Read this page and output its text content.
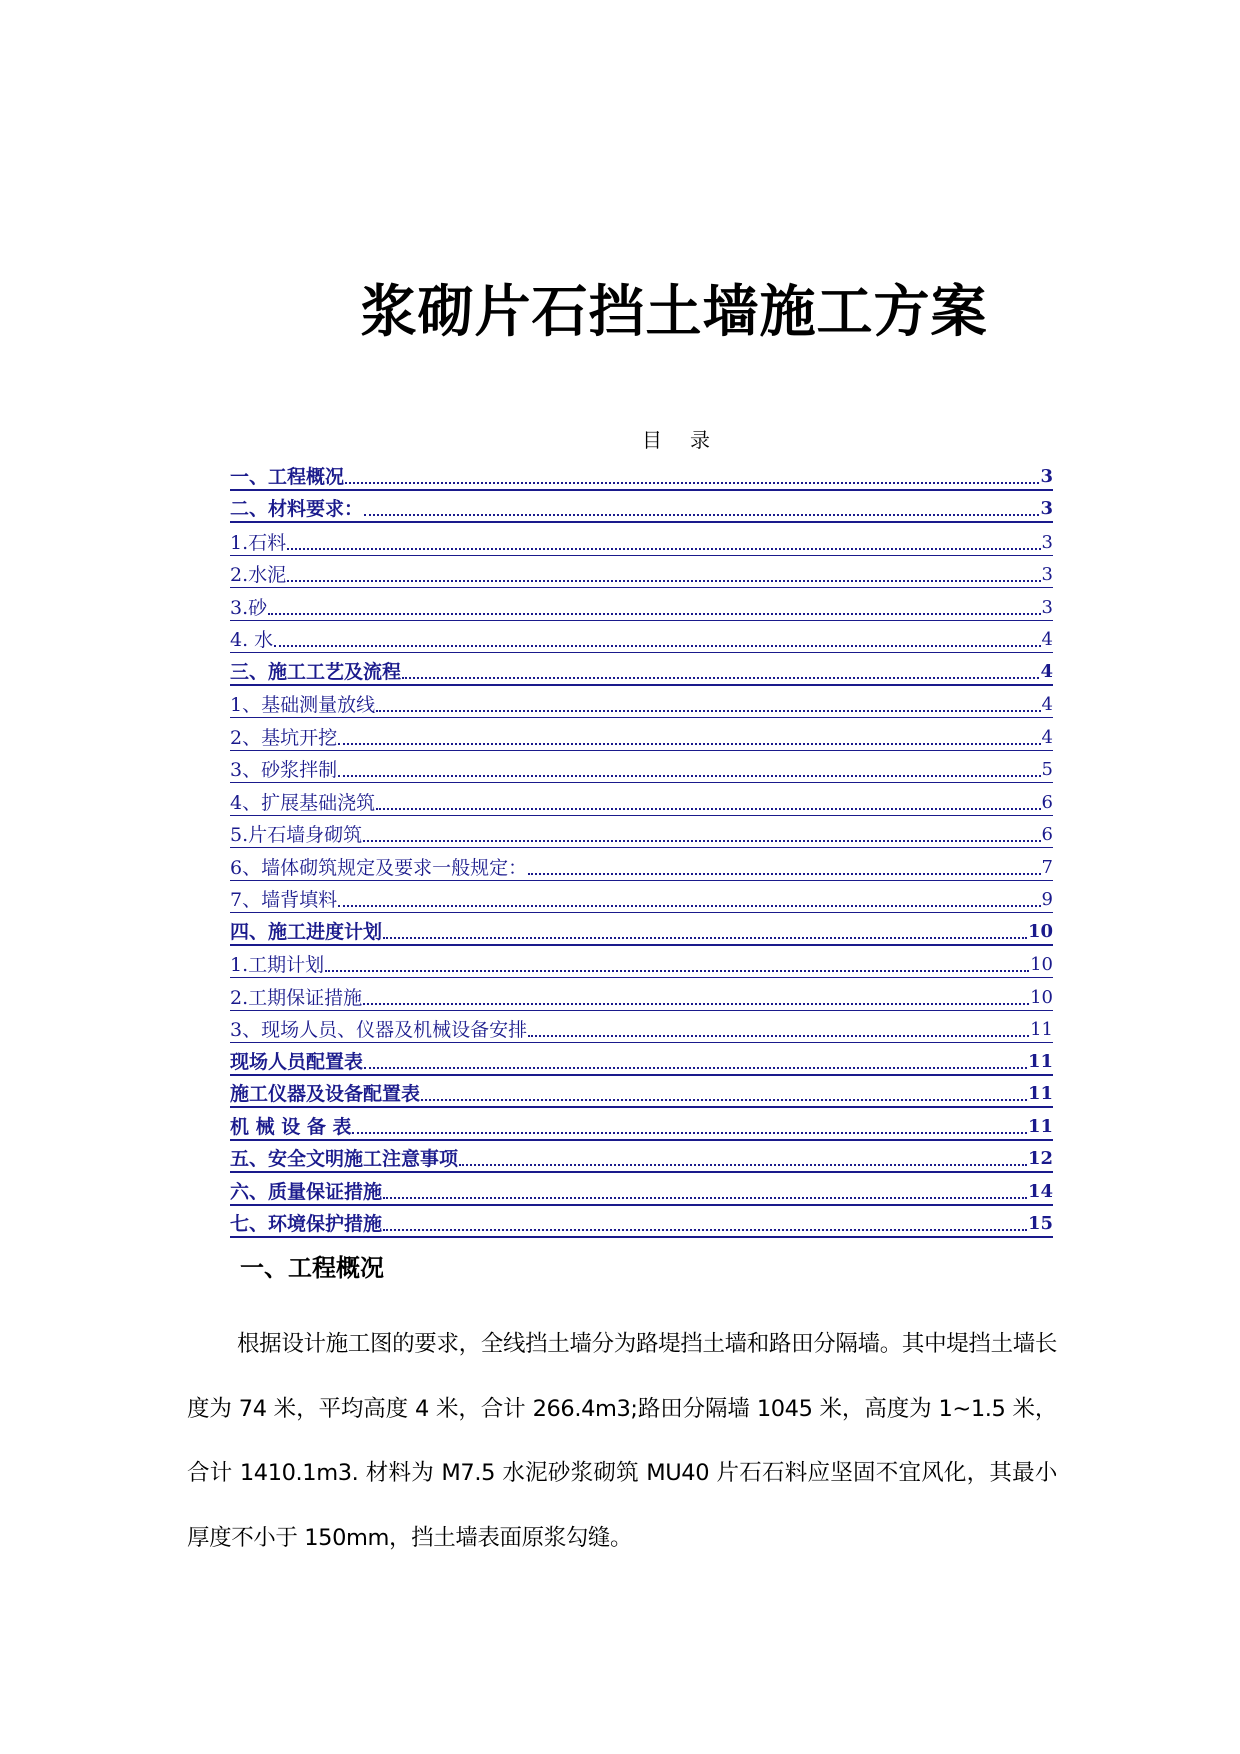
浆砌片石挡土墙施工方案
目 录
一、工程概况	3
二、材料要求：	3
1.石料	3
2.水泥	3
3.砂	3
4. 水	4
三、施工工艺及流程	4
1、基础测量放线	4
2、基坑开挖	4
3、砂浆拌制	5
4、扩展基础浇筑	6
5.片石墙身砌筑	6
6、墙体砌筑规定及要求一般规定：	7
7、墙背填料	9
四、施工进度计划	10
1.工期计划	10
2.工期保证措施	10
3、现场人员、仪器及机械设备安排	11
现场人员配置表	11
施工仪器及设备配置表	11
机 械 设 备 表	11
五、安全文明施工注意事项	12
六、质量保证措施	14
七、环境保护措施	15
一、工程概况

根据设计施工图的要求，全线挡土墙分为路堤挡土墙和路田分隔墙。其中堤挡土墙长度为 74 米，平均高度 4 米，合计 266.4m3;路田分隔墙 1045 米，高度为 1~1.5 米，合计 1410.1m3. 材料为 M7.5 水泥砂浆砌筑 MU40 片石石料应坚固不宜风化，其最小厚度不小于 150mm，挡土墙表面原浆勾缝。
